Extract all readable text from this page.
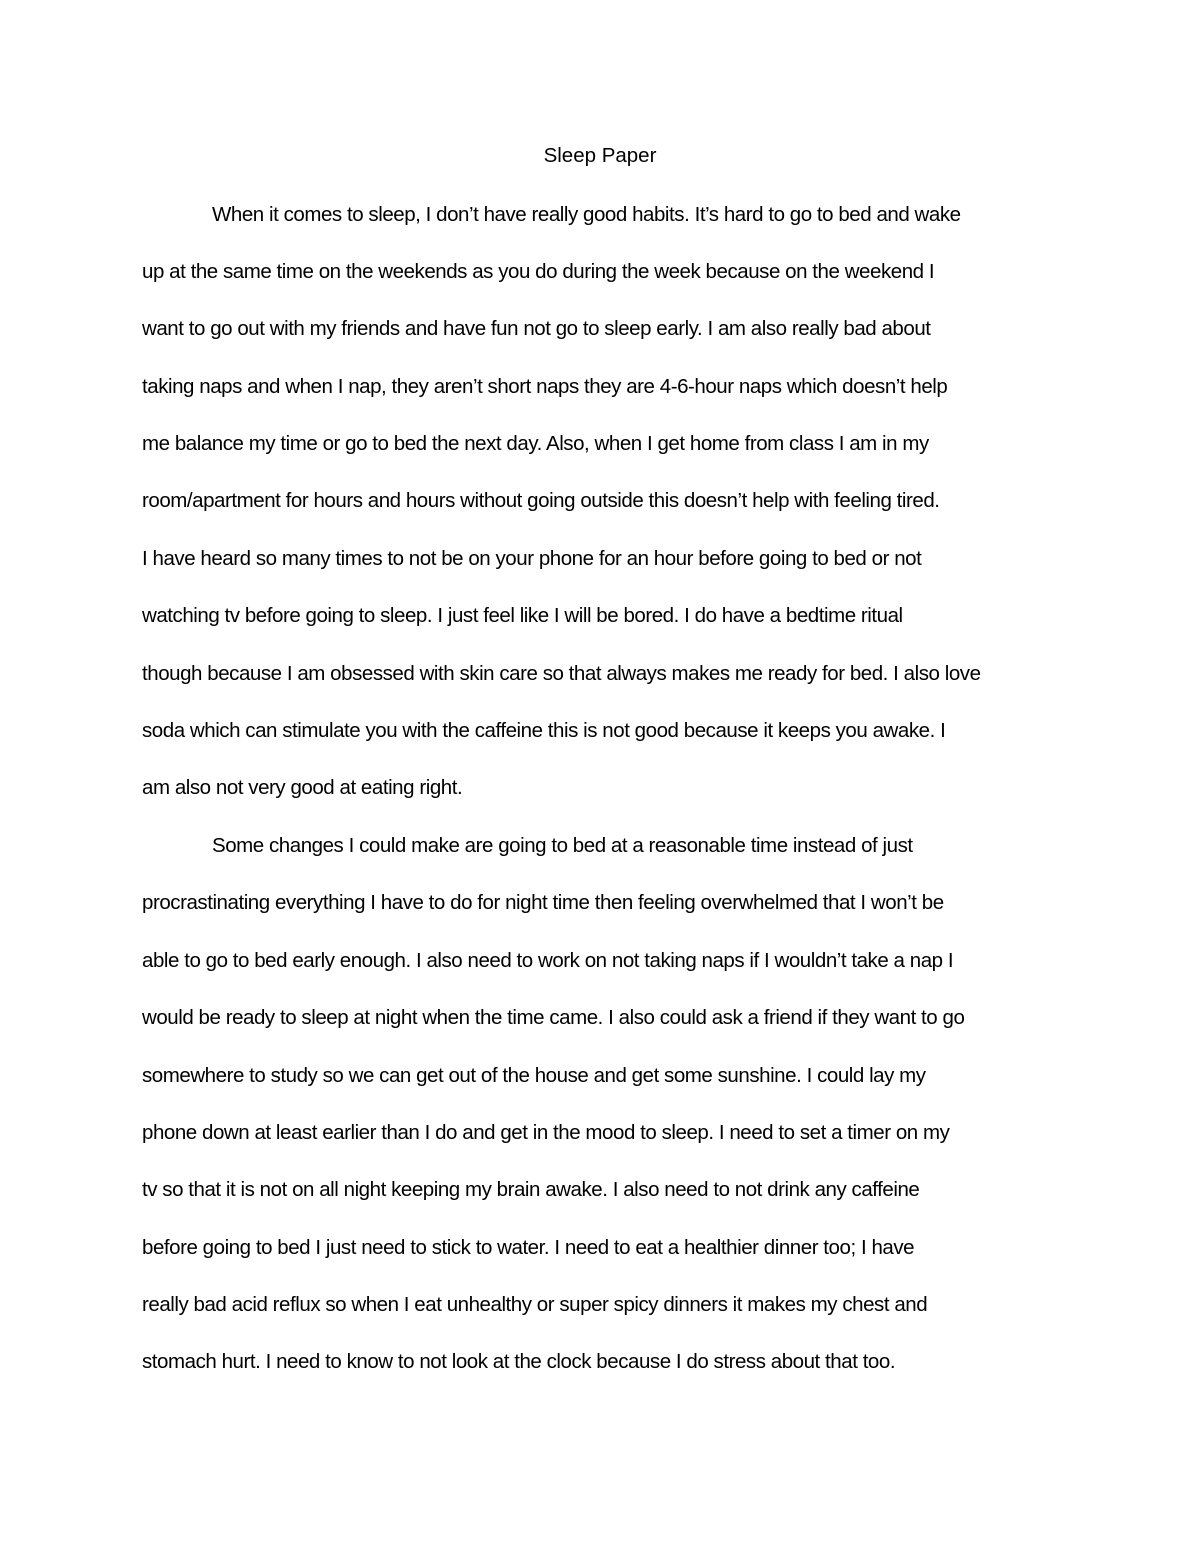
Sleep Paper
When it comes to sleep, I don’t have really good habits. It’s hard to go to bed and wake
up at the same time on the weekends as you do during the week because on the weekend I
want to go out with my friends and have fun not go to sleep early. I am also really bad about
taking naps and when I nap, they aren’t short naps they are 4-6-hour naps which doesn’t help
me balance my time or go to bed the next day. Also, when I get home from class I am in my
room/apartment for hours and hours without going outside this doesn’t help with feeling tired.
I have heard so many times to not be on your phone for an hour before going to bed or not
watching tv before going to sleep. I just feel like I will be bored. I do have a bedtime ritual
though because I am obsessed with skin care so that always makes me ready for bed. I also love
soda which can stimulate you with the caffeine this is not good because it keeps you awake. I
am also not very good at eating right.
Some changes I could make are going to bed at a reasonable time instead of just
procrastinating everything I have to do for night time then feeling overwhelmed that I won’t be
able to go to bed early enough. I also need to work on not taking naps if I wouldn’t take a nap I
would be ready to sleep at night when the time came. I also could ask a friend if they want to go
somewhere to study so we can get out of the house and get some sunshine. I could lay my
phone down at least earlier than I do and get in the mood to sleep. I need to set a timer on my
tv so that it is not on all night keeping my brain awake. I also need to not drink any caffeine
before going to bed I just need to stick to water. I need to eat a healthier dinner too; I have
really bad acid reflux so when I eat unhealthy or super spicy dinners it makes my chest and
stomach hurt. I need to know to not look at the clock because I do stress about that too.
